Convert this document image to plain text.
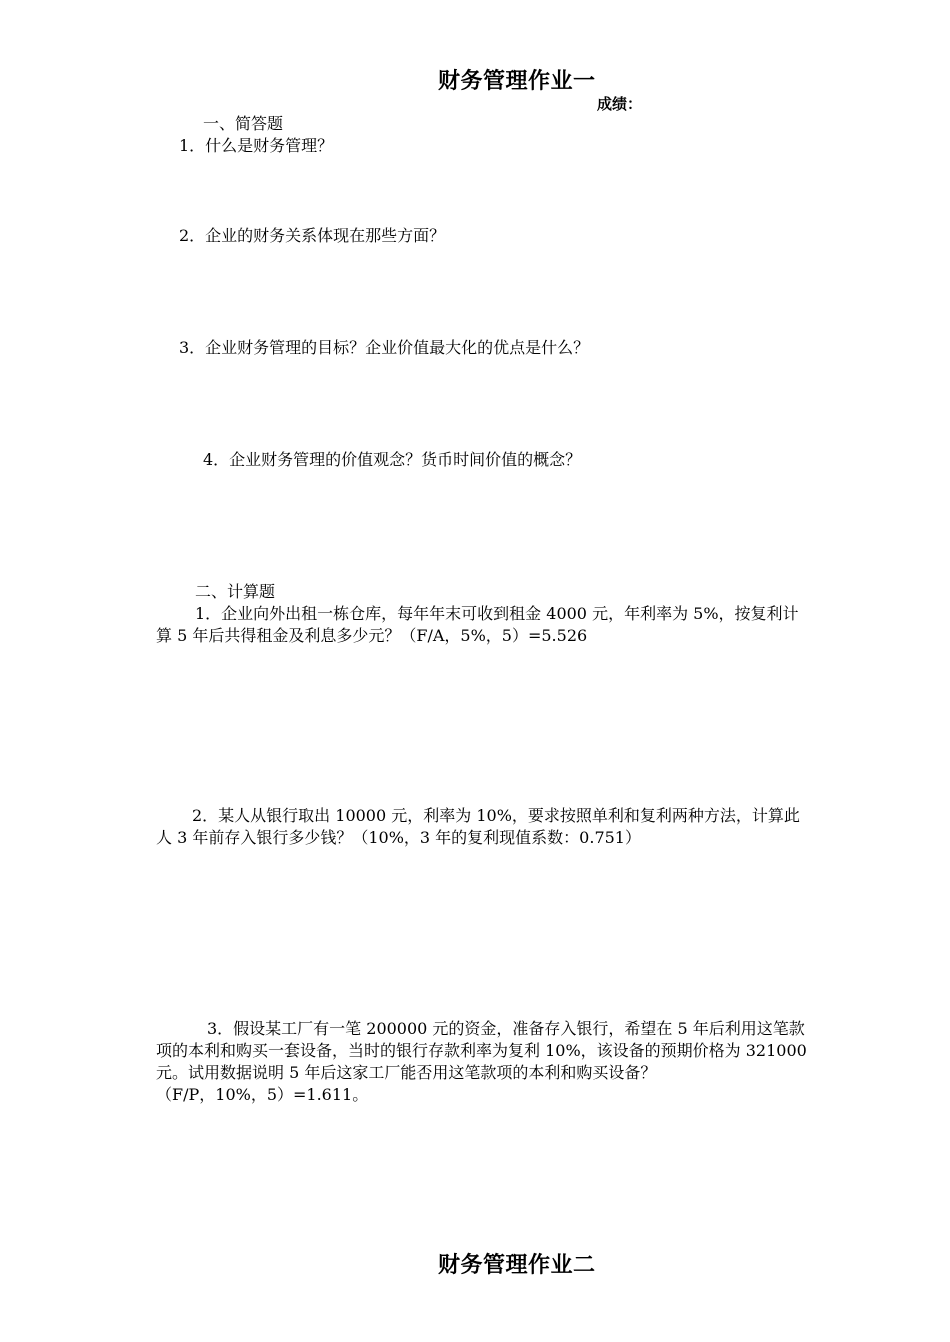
财务管理作业一
成绩：
一、简答题
1．什么是财务管理？
2．企业的财务关系体现在那些方面？
3．企业财务管理的目标？企业价值最大化的优点是什么？
4．企业财务管理的价值观念？货币时间价值的概念？
二、计算题
1．企业向外出租一栋仓库，每年年末可收到租金 4000 元，年利率为 5%，按复利计
算 5 年后共得租金及利息多少元？（F/A，5%，5）=5.526
2．某人从银行取出 10000 元，利率为 10%，要求按照单利和复利两种方法，计算此
人 3 年前存入银行多少钱？（10%，3 年的复利现值系数：0.751）
3．假设某工厂有一笔 200000 元的资金，准备存入银行，希望在 5 年后利用这笔款
项的本利和购买一套设备，当时的银行存款利率为复利 10%，该设备的预期价格为 321000
元。试用数据说明 5 年后这家工厂能否用这笔款项的本利和购买设备？
（F/P，10%，5）=1.611。
财务管理作业二
